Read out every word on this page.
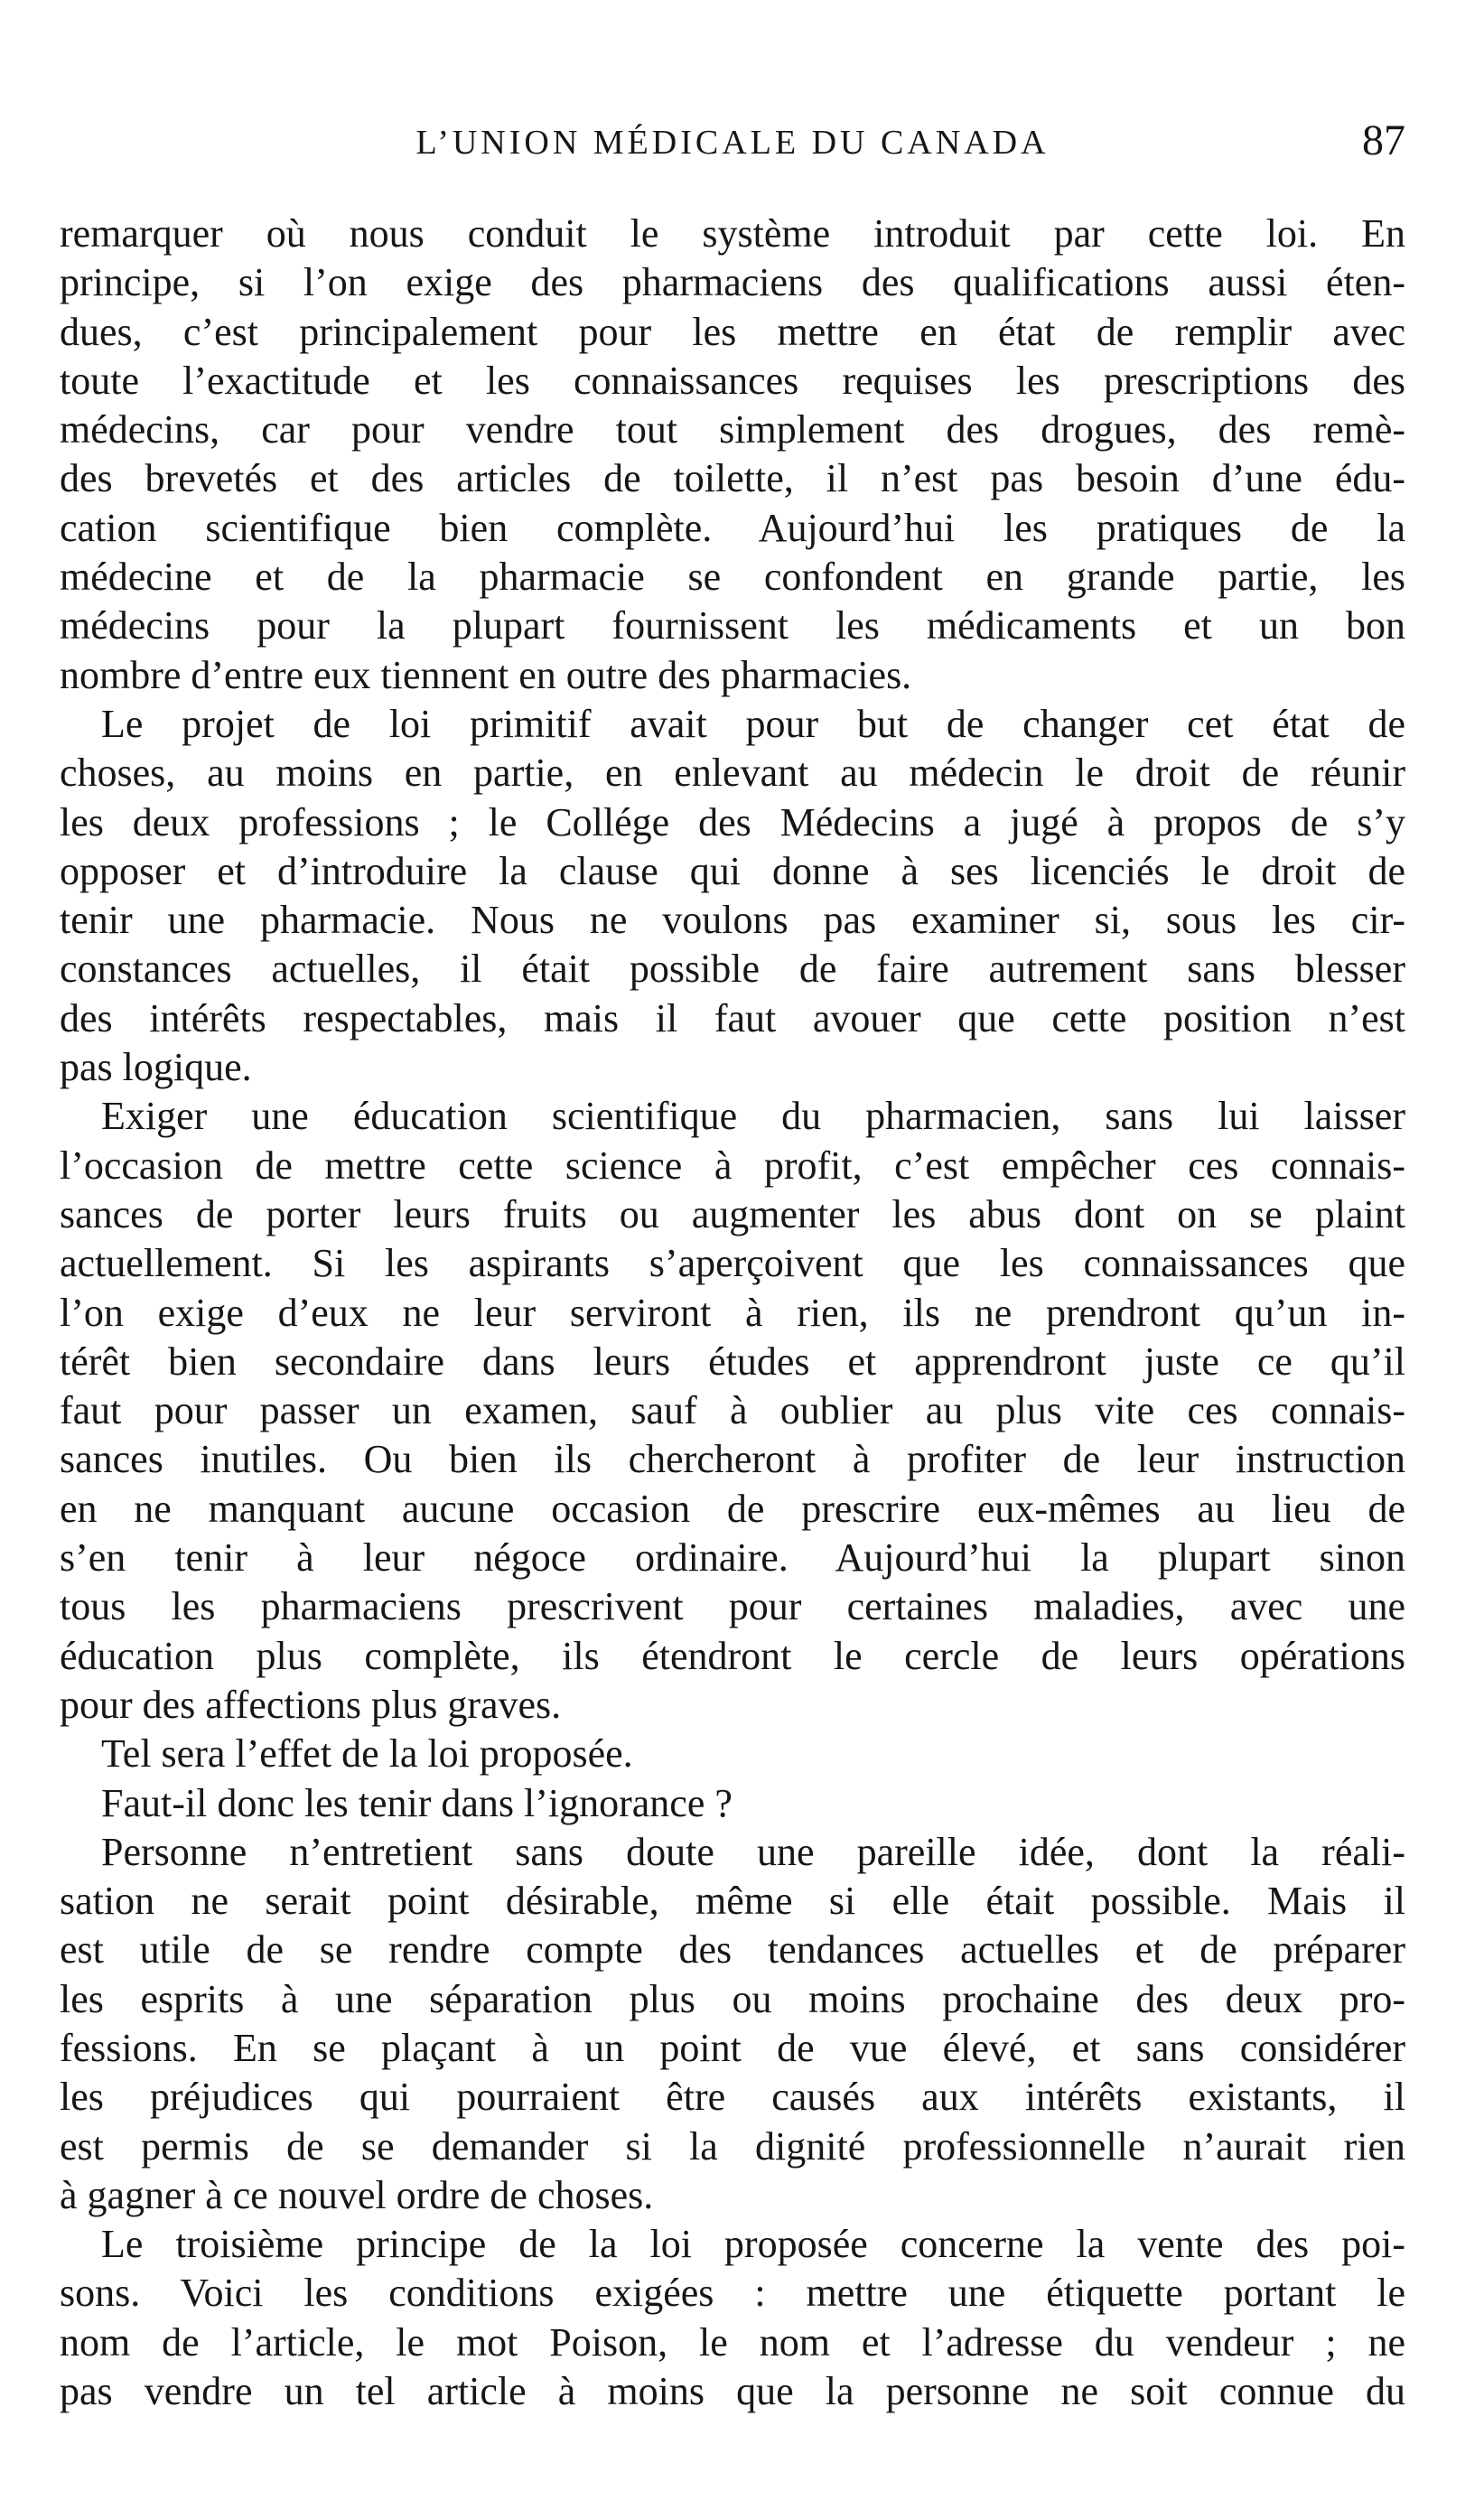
L’UNION MÉDICALE DU CANADA	87
remarquer où nous conduit le système introduit par cette loi. En
principe, si l’on exige des pharmaciens des qualifications aussi éten-
dues, c’est principalement pour les mettre en état de remplir avec
toute l’exactitude et les connaissances requises les prescriptions des
médecins, car pour vendre tout simplement des drogues, des remè-
des brevetés et des articles de toilette, il n’est pas besoin d’une édu-
cation scientifique bien complète. Aujourd’hui les pratiques de la
médecine et de la pharmacie se confondent en grande partie, les
médecins pour la plupart fournissent les médicaments et un bon
nombre d’entre eux tiennent en outre des pharmacies.
Le projet de loi primitif avait pour but de changer cet état de
choses, au moins en partie, en enlevant au médecin le droit de réunir
les deux professions ; le Collége des Médecins a jugé à propos de s’y
opposer et d’introduire la clause qui donne à ses licenciés le droit de
tenir une pharmacie. Nous ne voulons pas examiner si, sous les cir-
constances actuelles, il était possible de faire autrement sans blesser
des intérêts respectables, mais il faut avouer que cette position n’est
pas logique.
Exiger une éducation scientifique du pharmacien, sans lui laisser
l’occasion de mettre cette science à profit, c’est empêcher ces connais-
sances de porter leurs fruits ou augmenter les abus dont on se plaint
actuellement. Si les aspirants s’aperçoivent que les connaissances que
l’on exige d’eux ne leur serviront à rien, ils ne prendront qu’un in-
térêt bien secondaire dans leurs études et apprendront juste ce qu’il
faut pour passer un examen, sauf à oublier au plus vite ces connais-
sances inutiles. Ou bien ils chercheront à profiter de leur instruction
en ne manquant aucune occasion de prescrire eux-mêmes au lieu de
s’en tenir à leur négoce ordinaire. Aujourd’hui la plupart sinon
tous les pharmaciens prescrivent pour certaines maladies, avec une
éducation plus complète, ils étendront le cercle de leurs opérations
pour des affections plus graves.
Tel sera l’effet de la loi proposée.
Faut-il donc les tenir dans l’ignorance ?
Personne n’entretient sans doute une pareille idée, dont la réali-
sation ne serait point désirable, même si elle était possible. Mais il
est utile de se rendre compte des tendances actuelles et de préparer
les esprits à une séparation plus ou moins prochaine des deux pro-
fessions. En se plaçant à un point de vue élevé, et sans considérer
les préjudices qui pourraient être causés aux intérêts existants, il
est permis de se demander si la dignité professionnelle n’aurait rien
à gagner à ce nouvel ordre de choses.
Le troisième principe de la loi proposée concerne la vente des poi-
sons. Voici les conditions exigées : mettre une étiquette portant le
nom de l’article, le mot Poison, le nom et l’adresse du vendeur ; ne
pas vendre un tel article à moins que la personne ne soit connue du
